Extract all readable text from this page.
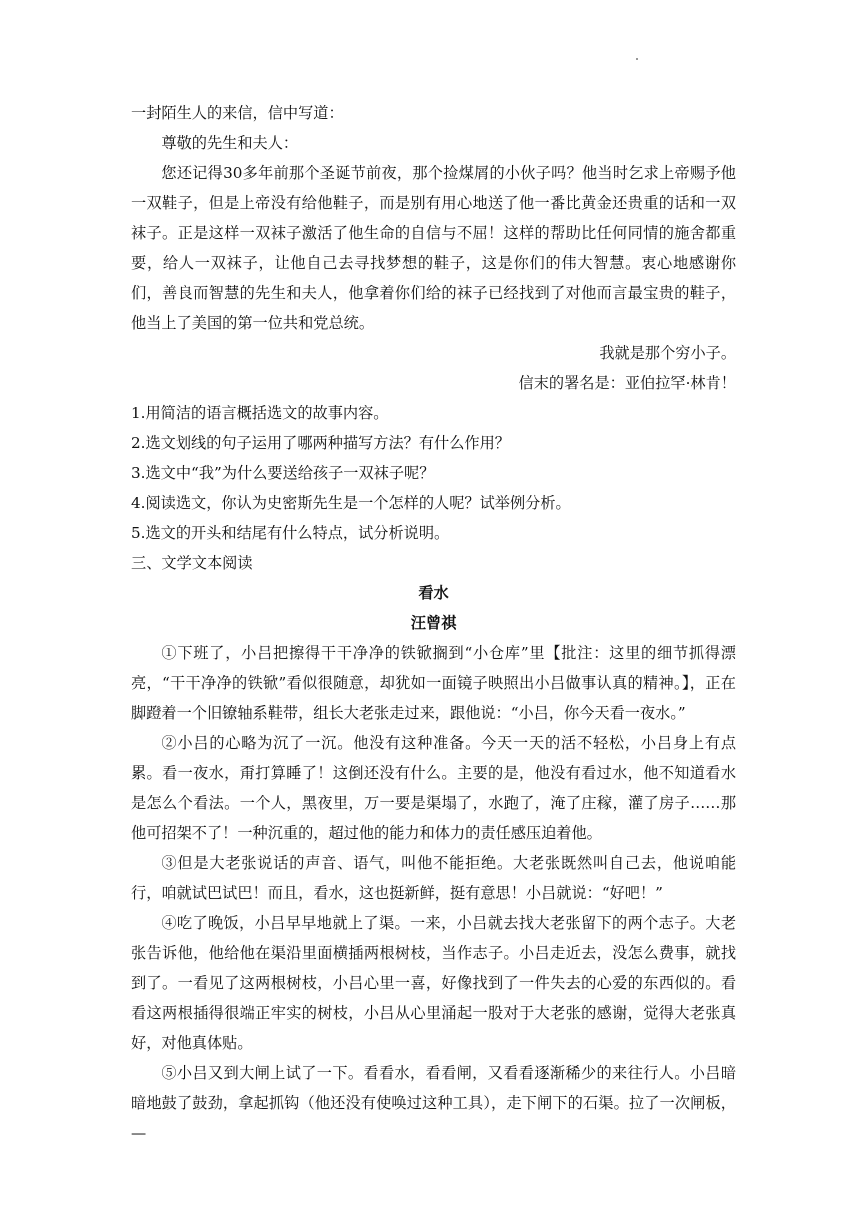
一封陌生人的来信，信中写道：

尊敬的先生和夫人：

您还记得30多年前那个圣诞节前夜，那个捡煤屑的小伙子吗？他当时乞求上帝赐予他一双鞋子，但是上帝没有给他鞋子，而是别有用心地送了他一番比黄金还贵重的话和一双袜子。正是这样一双袜子激活了他生命的自信与不屈！这样的帮助比任何同情的施舍都重要，给人一双袜子，让他自己去寻找梦想的鞋子，这是你们的伟大智慧。衷心地感谢你们，善良而智慧的先生和夫人，他拿着你们给的袜子已经找到了对他而言最宝贵的鞋子，他当上了美国的第一位共和党总统。

我就是那个穷小子。

信末的署名是：亚伯拉罕·林肯！

1.用简洁的语言概括选文的故事内容。

2.选文划线的句子运用了哪两种描写方法？有什么作用？

3.选文中“我”为什么要送给孩子一双袜子呢？

4.阅读选文，你认为史密斯先生是一个怎样的人呢？试举例分析。

5.选文的开头和结尾有什么特点，试分析说明。

三、文学文本阅读

看水

汪曾祺

①下班了，小吕把擦得干干净净的铁锨搁到“小仓库”里【批注：这里的细节抓得漂亮，“干干净净的铁锨”看似很随意，却犹如一面镜子映照出小吕做事认真的精神。】，正在脚蹬着一个旧镣轴系鞋带，组长大老张走过来，跟他说：“小吕，你今天看一夜水。”

②小吕的心略为沉了一沉。他没有这种准备。今天一天的活不轻松，小吕身上有点累。看一夜水，甭打算睡了！这倒还没有什么。主要的是，他没有看过水，他不知道看水是怎么个看法。一个人，黑夜里，万一要是渠塌了，水跑了，淹了庄稼，灌了房子……那他可招架不了！一种沉重的，超过他的能力和体力的责任感压迫着他。

③但是大老张说话的声音、语气，叫他不能拒绝。大老张既然叫自己去，他说咱能行，咱就试巴试巴！而且，看水，这也挺新鲜，挺有意思！小吕就说：“好吧！”

④吃了晚饭，小吕早早地就上了渠。一来，小吕就去找大老张留下的两个志子。大老张告诉他，他给他在渠沿里面横插两根树枝，当作志子。小吕走近去，没怎么费事，就找到了。一看见了这两根树枝，小吕心里一喜，好像找到了一件失去的心爱的东西似的。看看这两根插得很端正牢实的树枝，小吕从心里涌起一股对于大老张的感谢，觉得大老张真好，对他真体贴。

⑤小吕又到大闸上试了一下。看看水，看看闸，又看看逐渐稀少的来往行人。小吕暗暗地鼓了鼓劲，拿起抓钩（他还没有使唤过这种工具），走下闸下的石渠。拉了一次闸板，—
